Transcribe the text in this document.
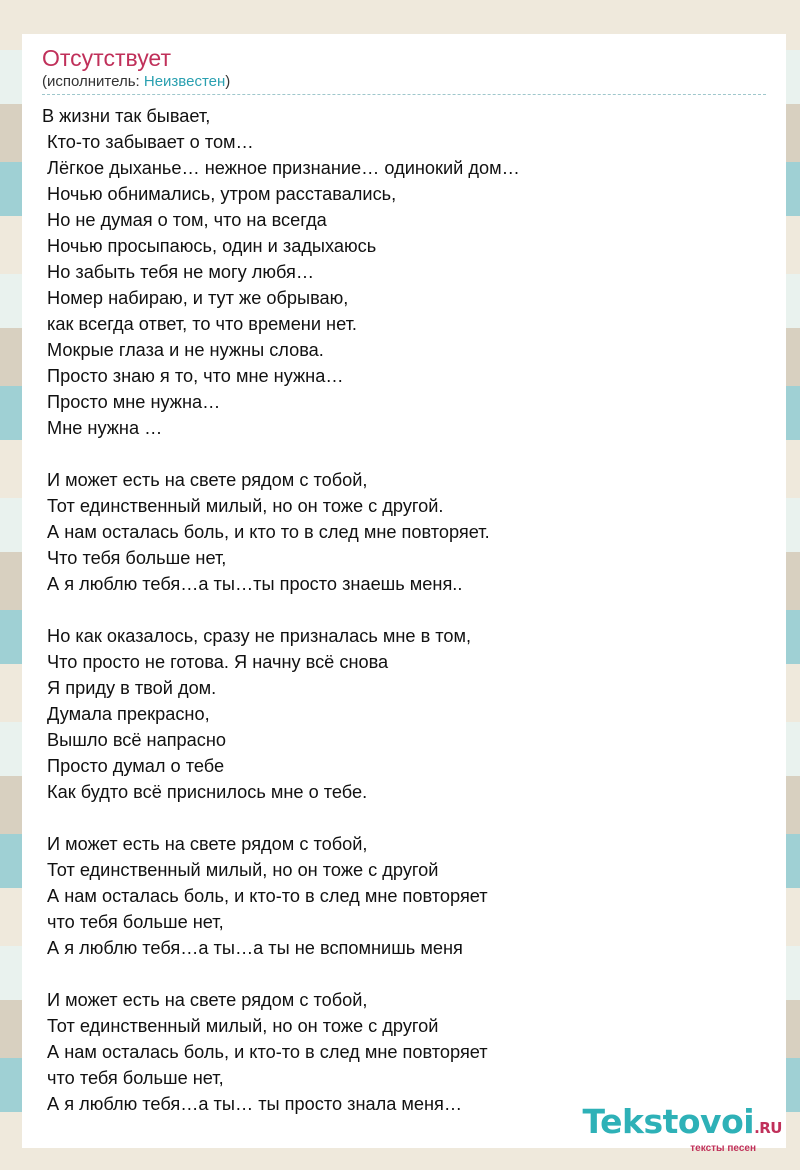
Отсутствует
(исполнитель: Неизвестен)
В жизни так бывает,
Кто-то забывает о том…
Лёгкое дыханье… нежное признание… одинокий дом…
Ночью обнимались, утром расставались,
Но не думая о том, что на всегда
Ночью просыпаюсь, один и задыхаюсь
Но забыть тебя не могу любя…
Номер набираю, и тут же обрываю,
как всегда ответ, то что времени нет.
Мокрые глаза и не нужны слова.
Просто знаю я то, что мне нужна…
Просто мне нужна…
Мне нужна …
И может есть на свете рядом с тобой,
Тот единственный милый, но он тоже с другой.
А нам осталась боль, и кто то в след мне повторяет.
Что тебя больше нет,
А я люблю тебя…а ты…ты просто знаешь меня..
Но как оказалось, сразу не призналась мне в том,
Что просто не готова. Я начну всё снова
Я приду в твой дом.
Думала прекрасно,
Вышло всё напрасно
Просто думал о тебе
Как будто всё приснилось мне о тебе.
И может есть на свете рядом с тобой,
Тот единственный милый, но он тоже с другой
А нам осталась боль, и кто-то в след мне повторяет
что тебя больше нет,
А я люблю тебя…а ты…а ты не вспомнишь меня
И может есть на свете рядом с тобой,
Тот единственный милый, но он тоже с другой
А нам осталась боль, и кто-то в след мне повторяет
что тебя больше нет,
А я люблю тебя…а ты… ты просто знала меня…	Tekstovoi.RU
тексты песен
